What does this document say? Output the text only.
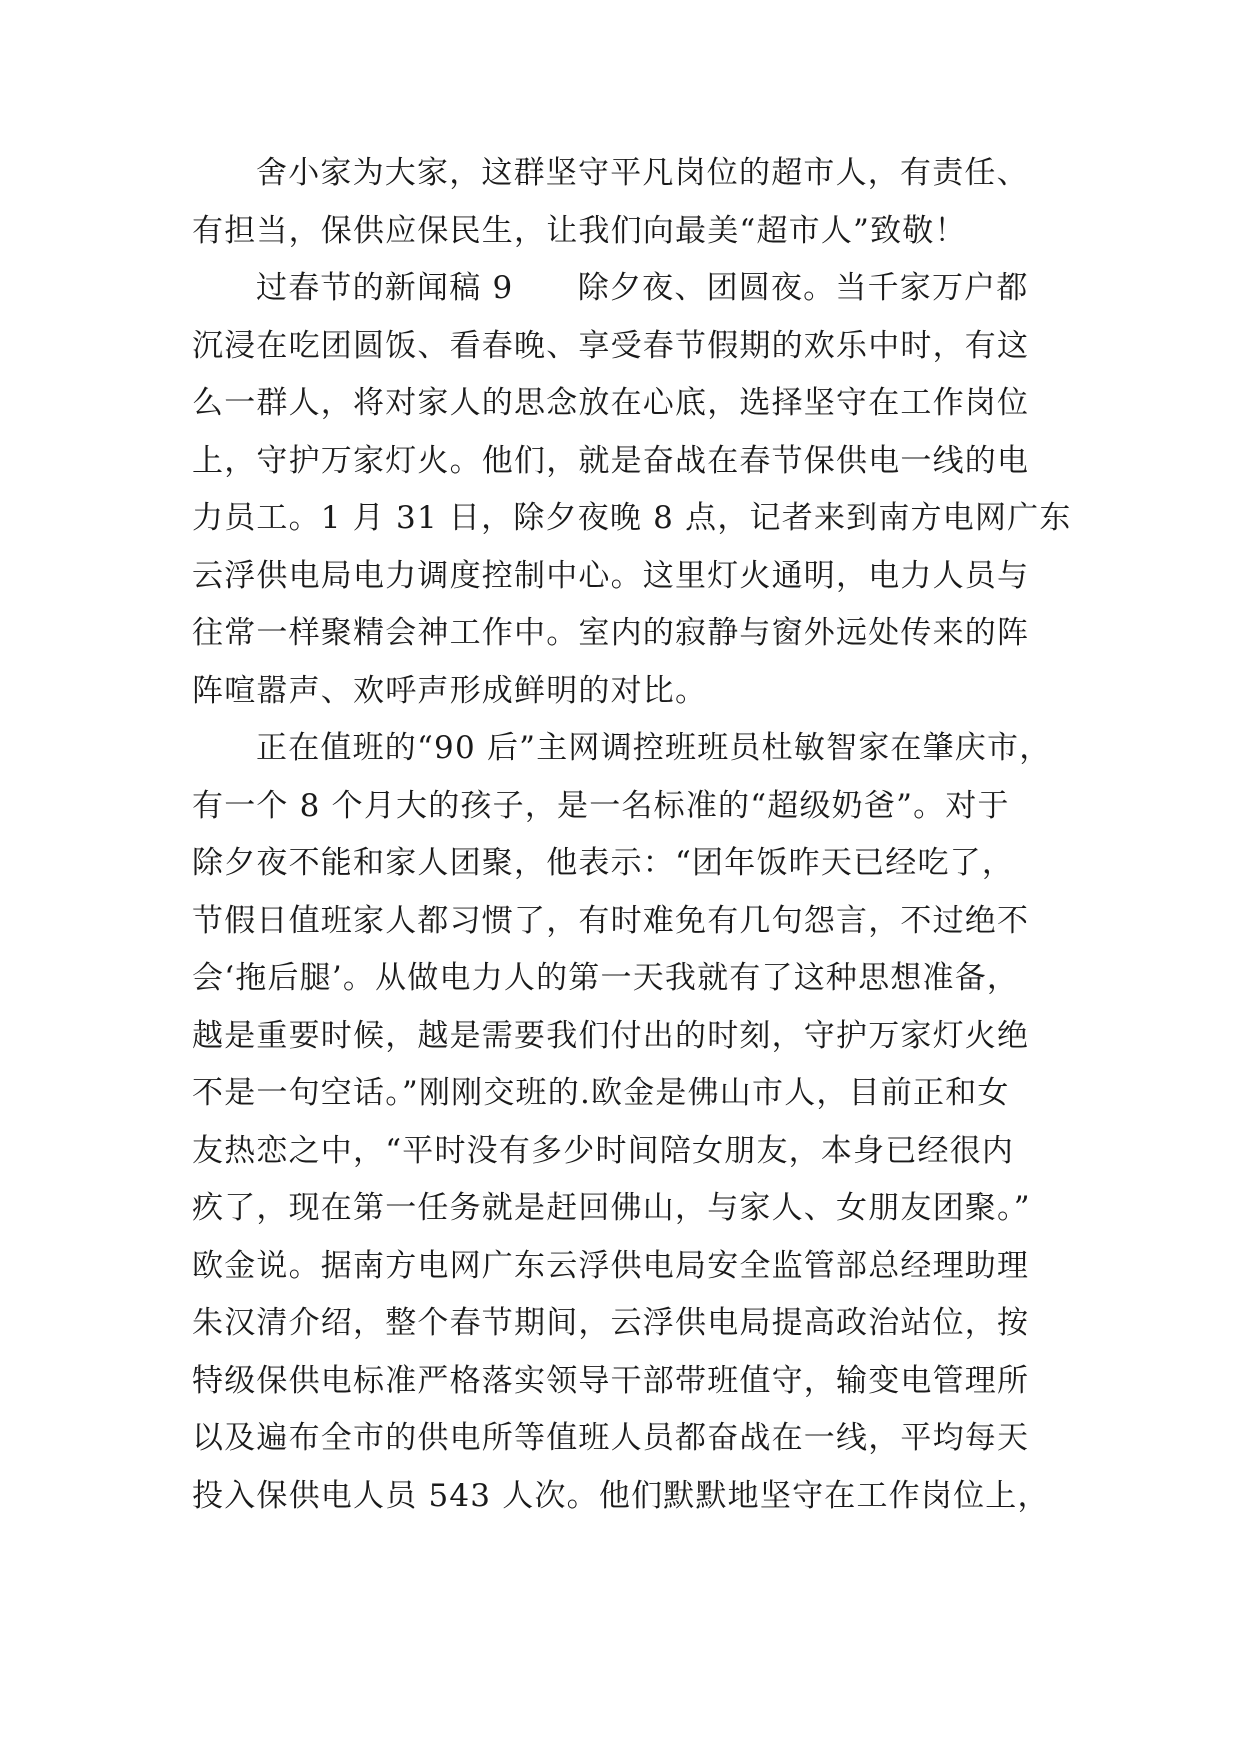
舍小家为大家，这群坚守平凡岗位的超市人，有责任、
有担当，保供应保民生，让我们向最美“超市人”致敬！
过春节的新闻稿 9　　除夕夜、团圆夜。当千家万户都
沉浸在吃团圆饭、看春晚、享受春节假期的欢乐中时，有这
么一群人，将对家人的思念放在心底，选择坚守在工作岗位
上，守护万家灯火。他们，就是奋战在春节保供电一线的电
力员工。1 月 31 日，除夕夜晚 8 点，记者来到南方电网广东
云浮供电局电力调度控制中心。这里灯火通明，电力人员与
往常一样聚精会神工作中。室内的寂静与窗外远处传来的阵
阵喧嚣声、欢呼声形成鲜明的对比。
正在值班的“90 后”主网调控班班员杜敏智家在肇庆市，
有一个 8 个月大的孩子，是一名标准的“超级奶爸”。对于
除夕夜不能和家人团聚，他表示：“团年饭昨天已经吃了，
节假日值班家人都习惯了，有时难免有几句怨言，不过绝不
会‘拖后腿’。从做电力人的第一天我就有了这种思想准备，
越是重要时候，越是需要我们付出的时刻，守护万家灯火绝
不是一句空话。”刚刚交班的.欧金是佛山市人，目前正和女
友热恋之中，“平时没有多少时间陪女朋友，本身已经很内
疚了，现在第一任务就是赶回佛山，与家人、女朋友团聚。”
欧金说。据南方电网广东云浮供电局安全监管部总经理助理
朱汉清介绍，整个春节期间，云浮供电局提高政治站位，按
特级保供电标准严格落实领导干部带班值守，输变电管理所
以及遍布全市的供电所等值班人员都奋战在一线，平均每天
投入保供电人员 543 人次。他们默默地坚守在工作岗位上，
